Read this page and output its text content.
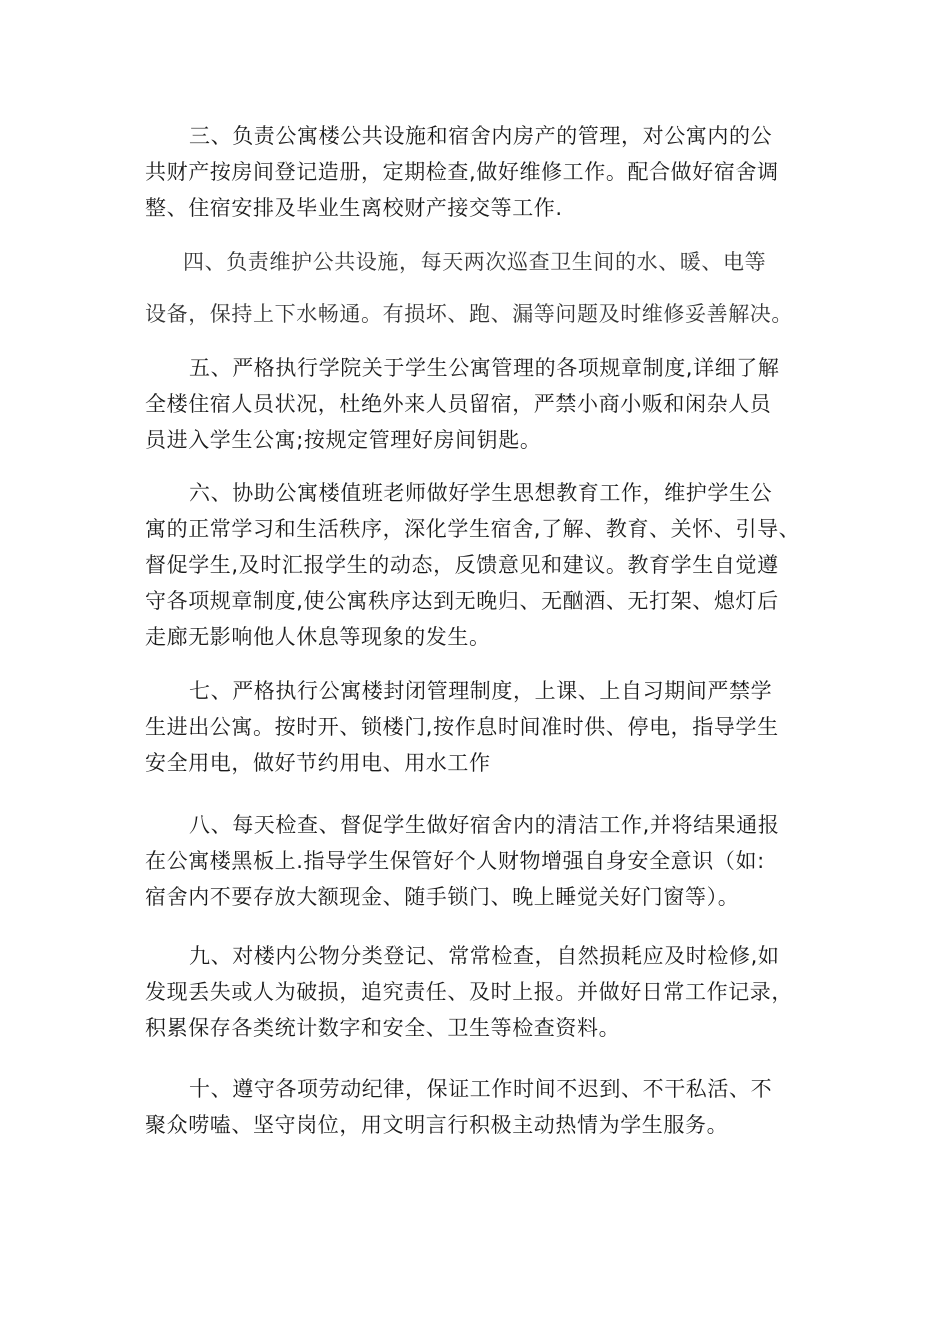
三、负责公寓楼公共设施和宿舍内房产的管理，对公寓内的公
共财产按房间登记造册，定期检查,做好维修工作。配合做好宿舍调
整、住宿安排及毕业生离校财产接交等工作.
四、负责维护公共设施，每天两次巡查卫生间的水、暖、电等
设备，保持上下水畅通。有损坏、跑、漏等问题及时维修妥善解决。
五、严格执行学院关于学生公寓管理的各项规章制度,详细了解
全楼住宿人员状况，杜绝外来人员留宿，严禁小商小贩和闲杂人员
员进入学生公寓;按规定管理好房间钥匙。
六、协助公寓楼值班老师做好学生思想教育工作，维护学生公
寓的正常学习和生活秩序，深化学生宿舍,了解、教育、关怀、引导、
督促学生,及时汇报学生的动态，反馈意见和建议。教育学生自觉遵
守各项规章制度,使公寓秩序达到无晚归、无酗酒、无打架、熄灯后
走廊无影响他人休息等现象的发生。
七、严格执行公寓楼封闭管理制度，上课、上自习期间严禁学
生进出公寓。按时开、锁楼门,按作息时间准时供、停电，指导学生
安全用电，做好节约用电、用水工作
八、每天检查、督促学生做好宿舍内的清洁工作,并将结果通报
在公寓楼黑板上.指导学生保管好个人财物增强自身安全意识（如:
宿舍内不要存放大额现金、随手锁门、晚上睡觉关好门窗等）。
九、对楼内公物分类登记、常常检查，自然损耗应及时检修,如
发现丢失或人为破损，追究责任、及时上报。并做好日常工作记录，
积累保存各类统计数字和安全、卫生等检查资料。
十、遵守各项劳动纪律，保证工作时间不迟到、不干私活、不
聚众唠嗑、坚守岗位，用文明言行积极主动热情为学生服务。
